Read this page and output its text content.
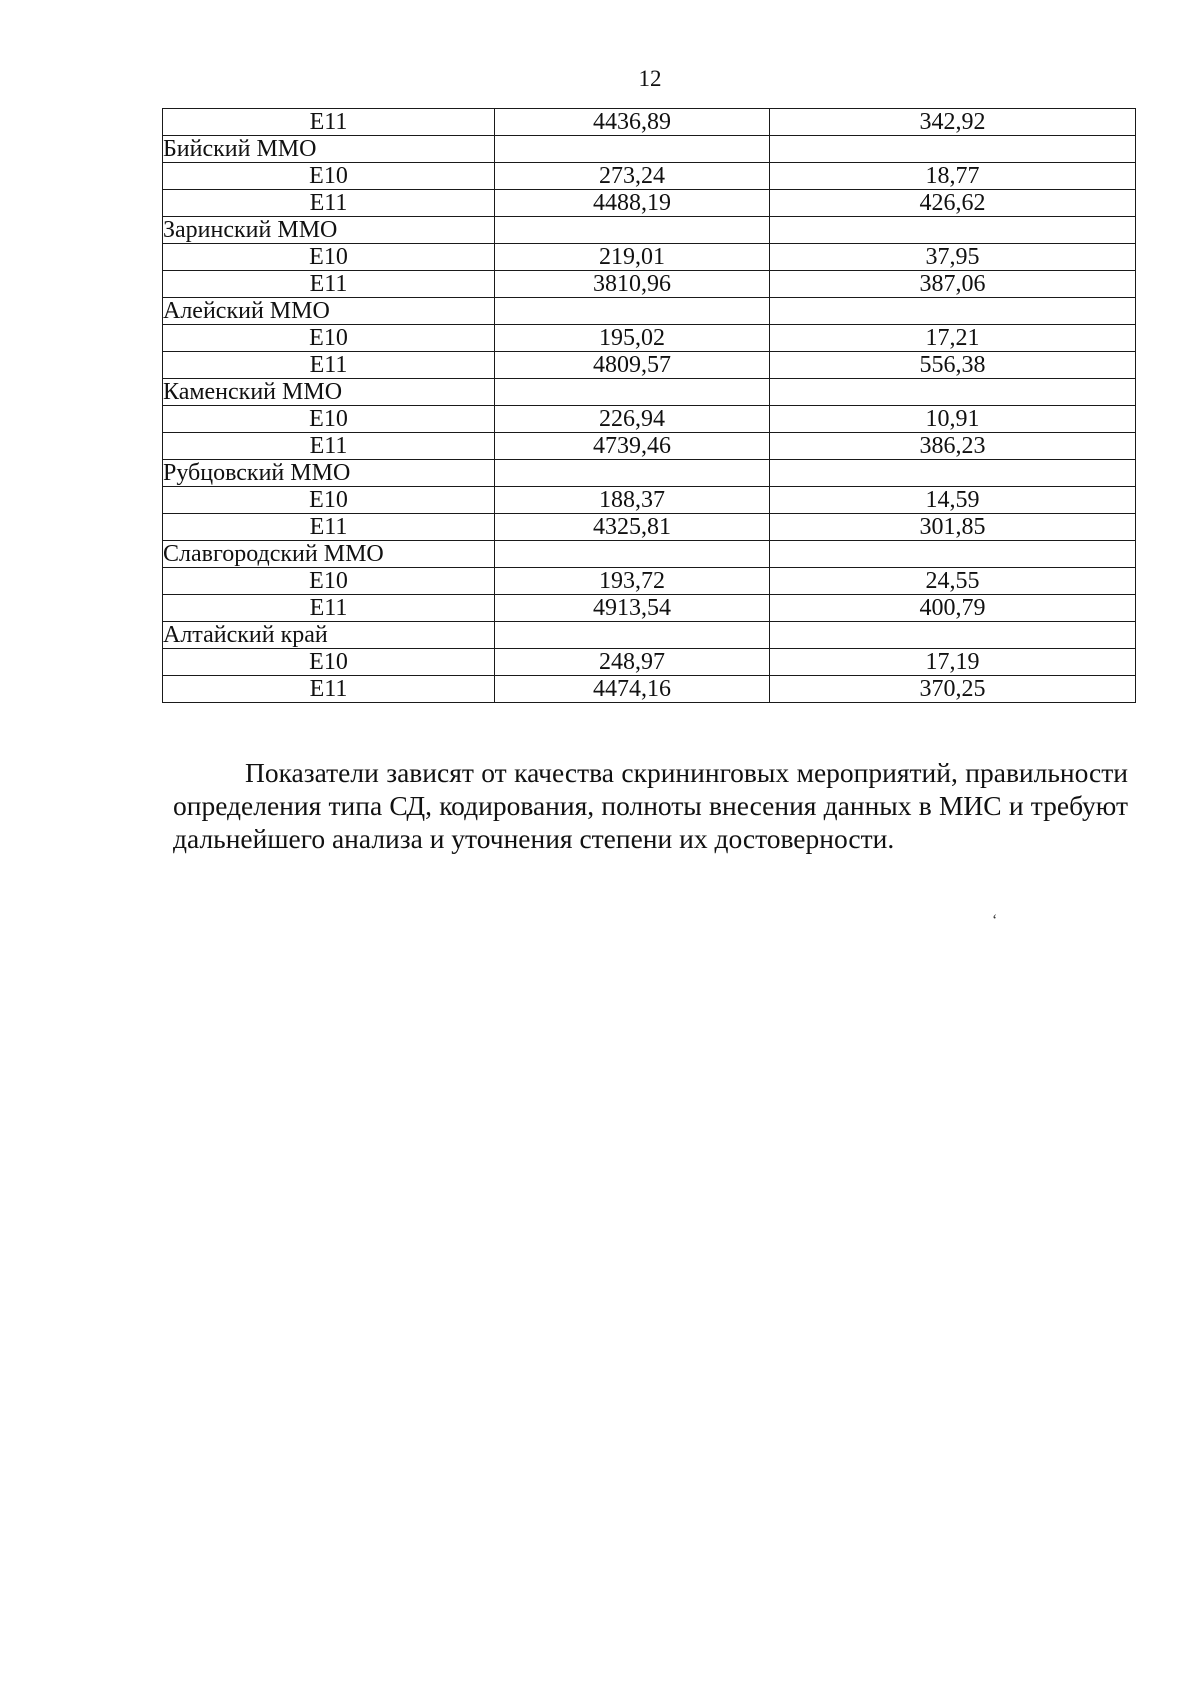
12
E11	4436,89	342,92
Бийский ММО		
E10	273,24	18,77
E11	4488,19	426,62
Заринский ММО		
E10	219,01	37,95
E11	3810,96	387,06
Алейский ММО		
E10	195,02	17,21
E11	4809,57	556,38
Каменский ММО		
E10	226,94	10,91
E11	4739,46	386,23
Рубцовский ММО		
E10	188,37	14,59
E11	4325,81	301,85
Славгородский ММО		
E10	193,72	24,55
E11	4913,54	400,79
Алтайский край		
E10	248,97	17,19
E11	4474,16	370,25

Показатели зависят от качества скрининговых мероприятий, правильности определения типа СД, кодирования, полноты внесения данных в МИС и требуют дальнейшего анализа и уточнения степени их достоверности.

‘
